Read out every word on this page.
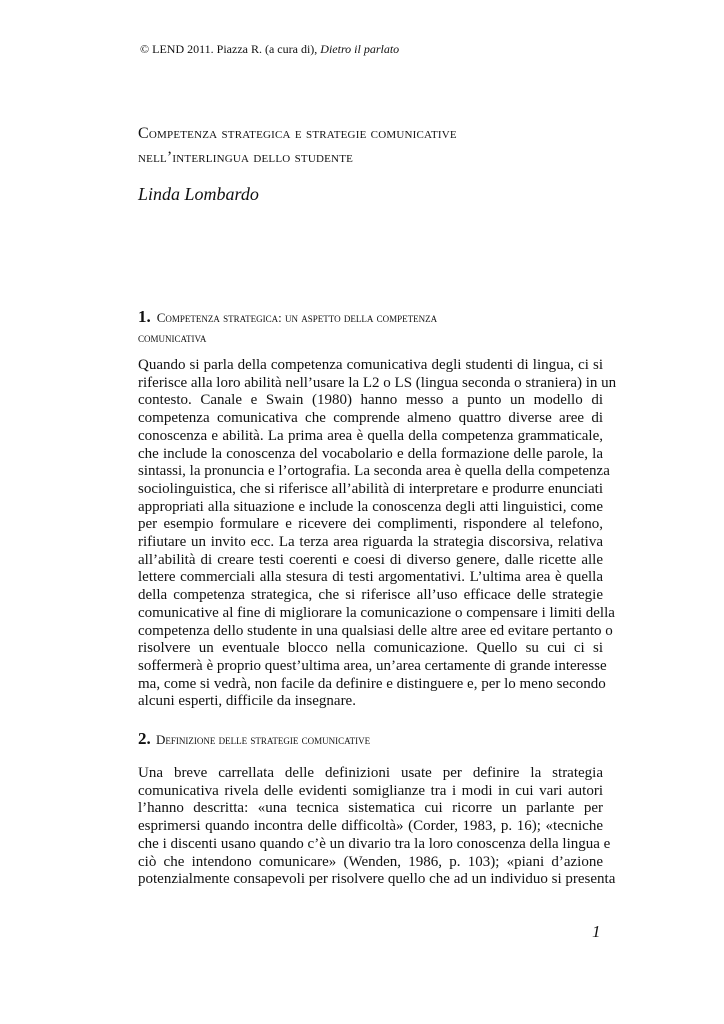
© LEND 2011. Piazza R. (a cura di), Dietro il parlato
Competenza strategica e strategie comunicative
nell’interlingua dello studente
Linda Lombardo
1. Competenza strategica: un aspetto della competenza
comunicativa
Quando si parla della competenza comunicativa degli studenti di lingua, ci si
riferisce alla loro abilità nell’usare la L2 o LS (lingua seconda o straniera) in un
contesto. Canale e Swain (1980) hanno messo a punto un modello di
competenza comunicativa che comprende almeno quattro diverse aree di
conoscenza e abilità. La prima area è quella della competenza grammaticale,
che include la conoscenza del vocabolario e della formazione delle parole, la
sintassi, la pronuncia e l’ortografia. La seconda area è quella della competenza
sociolinguistica, che si riferisce all’abilità di interpretare e produrre enunciati
appropriati alla situazione e include la conoscenza degli atti linguistici, come
per esempio formulare e ricevere dei complimenti, rispondere al telefono,
rifiutare un invito ecc. La terza area riguarda la strategia discorsiva, relativa
all’abilità di creare testi coerenti e coesi di diverso genere, dalle ricette alle
lettere commerciali alla stesura di testi argomentativi. L’ultima area è quella
della competenza strategica, che si riferisce all’uso efficace delle strategie
comunicative al fine di migliorare la comunicazione o compensare i limiti della
competenza dello studente in una qualsiasi delle altre aree ed evitare pertanto o
risolvere un eventuale blocco nella comunicazione. Quello su cui ci si
soffermerà è proprio quest’ultima area, un’area certamente di grande interesse
ma, come si vedrà, non facile da definire e distinguere e, per lo meno secondo
alcuni esperti, difficile da insegnare.
2. Definizione delle strategie comunicative
Una breve carrellata delle definizioni usate per definire la strategia
comunicativa rivela delle evidenti somiglianze tra i modi in cui vari autori
l’hanno descritta: «una tecnica sistematica cui ricorre un parlante per
esprimersi quando incontra delle difficoltà» (Corder, 1983, p. 16); «tecniche
che i discenti usano quando c’è un divario tra la loro conoscenza della lingua e
ciò che intendono comunicare» (Wenden, 1986, p. 103); «piani d’azione
potenzialmente consapevoli per risolvere quello che ad un individuo si presenta
1
